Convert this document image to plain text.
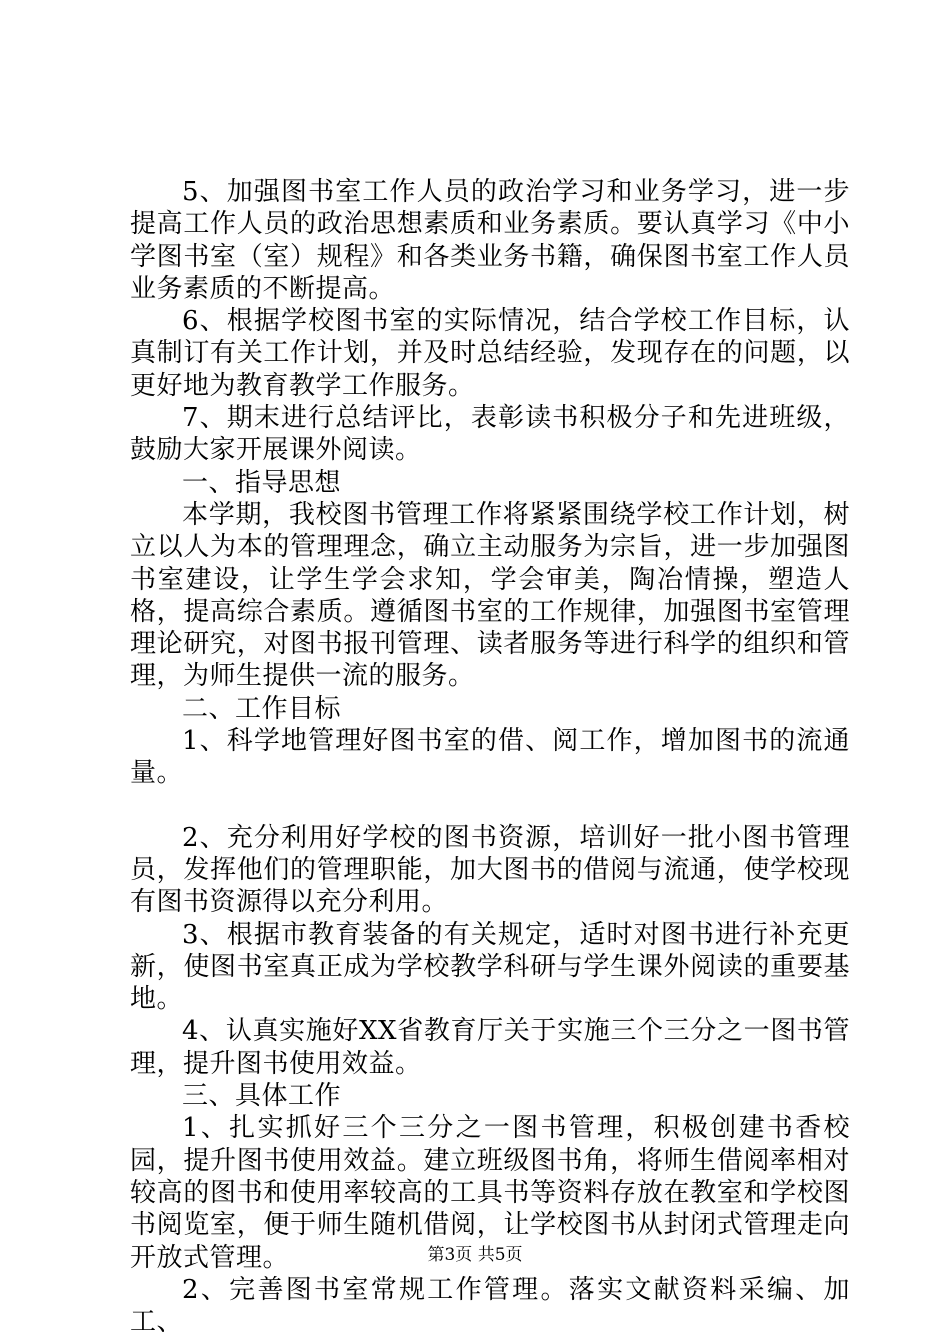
5、加强图书室工作人员的政治学习和业务学习，进一步提高工作人员的政治思想素质和业务素质。要认真学习《中小学图书室（室）规程》和各类业务书籍，确保图书室工作人员业务素质的不断提高。

6、根据学校图书室的实际情况，结合学校工作目标，认真制订有关工作计划，并及时总结经验，发现存在的问题，以更好地为教育教学工作服务。

7、期末进行总结评比，表彰读书积极分子和先进班级，鼓励大家开展课外阅读。

一、指导思想

本学期，我校图书管理工作将紧紧围绕学校工作计划，树立以人为本的管理理念，确立主动服务为宗旨，进一步加强图书室建设，让学生学会求知，学会审美，陶冶情操，塑造人格，提高综合素质。遵循图书室的工作规律，加强图书室管理理论研究，对图书报刊管理、读者服务等进行科学的组织和管理，为师生提供一流的服务。

二、工作目标

1、科学地管理好图书室的借、阅工作，增加图书的流通量。

2、充分利用好学校的图书资源，培训好一批小图书管理员，发挥他们的管理职能，加大图书的借阅与流通，使学校现有图书资源得以充分利用。

3、根据市教育装备的有关规定，适时对图书进行补充更新，使图书室真正成为学校教学科研与学生课外阅读的重要基地。

4、认真实施好XX省教育厅关于实施三个三分之一图书管理，提升图书使用效益。

三、具体工作

1、扎实抓好三个三分之一图书管理，积极创建书香校园，提升图书使用效益。建立班级图书角，将师生借阅率相对较高的图书和使用率较高的工具书等资料存放在教室和学校图书阅览室，便于师生随机借阅，让学校图书从封闭式管理走向开放式管理。

2、完善图书室常规工作管理。落实文献资料采编、加工、

第3页 共5页
